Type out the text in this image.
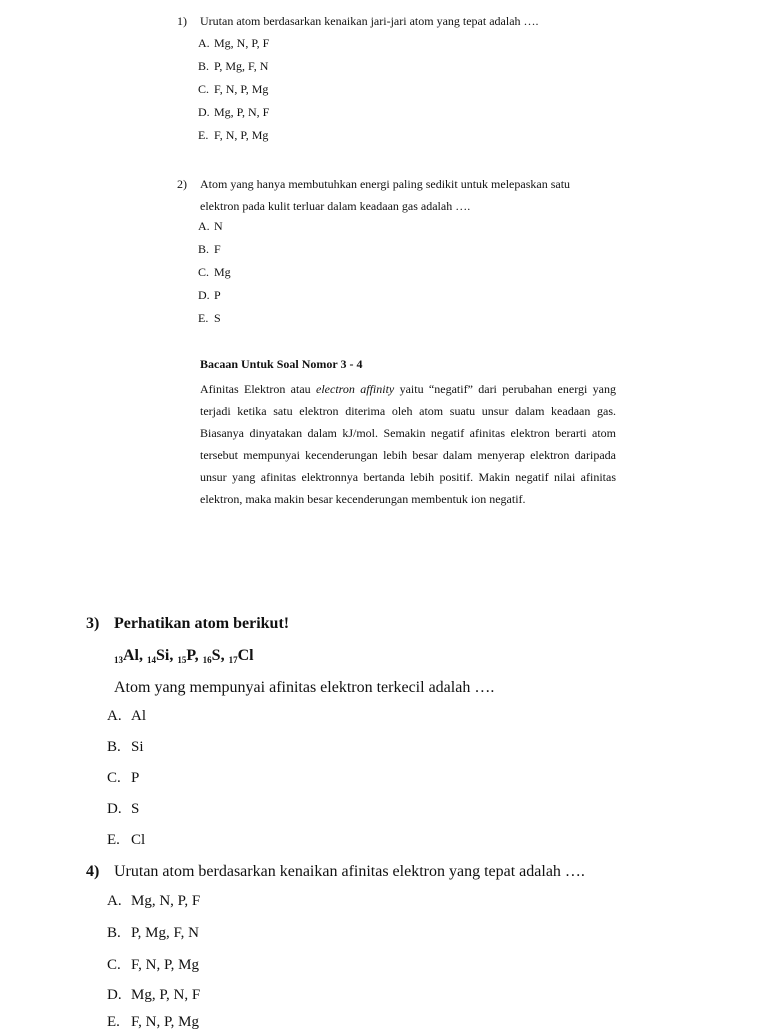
1) Urutan atom berdasarkan kenaikan jari-jari atom yang tepat adalah ….
A. Mg, N, P, F
B. P, Mg, F, N
C. F, N, P, Mg
D. Mg, P, N, F
E. F, N, P, Mg
2) Atom yang hanya membutuhkan energi paling sedikit untuk melepaskan satu
elektron pada kulit terluar dalam keadaan gas adalah ….
A. N
B. F
C. Mg
D. P
E. S
Bacaan Untuk Soal Nomor 3 - 4

Afinitas Elektron atau electron affinity yaitu “negatif” dari perubahan energi yang terjadi ketika satu elektron diterima oleh atom suatu unsur dalam keadaan gas. Biasanya dinyatakan dalam kJ/mol. Semakin negatif afinitas elektron berarti atom tersebut mempunyai kecenderungan lebih besar dalam menyerap elektron daripada unsur yang afinitas elektronnya bertanda lebih positif. Makin negatif nilai afinitas elektron, maka makin besar kecenderungan membentuk ion negatif.

3) Perhatikan atom berikut!
$_{13}$Al, $_{14}$Si, $_{15}$P, $_{16}$S, $_{17}$Cl
Atom yang mempunyai afinitas elektron terkecil adalah ….
A. Al
B. Si
C. P
D. S
E. Cl
4) Urutan atom berdasarkan kenaikan afinitas elektron yang tepat adalah ….
A. Mg, N, P, F
B. P, Mg, F, N
C. F, N, P, Mg
D. Mg, P, N, F
E. F, N, P, Mg
